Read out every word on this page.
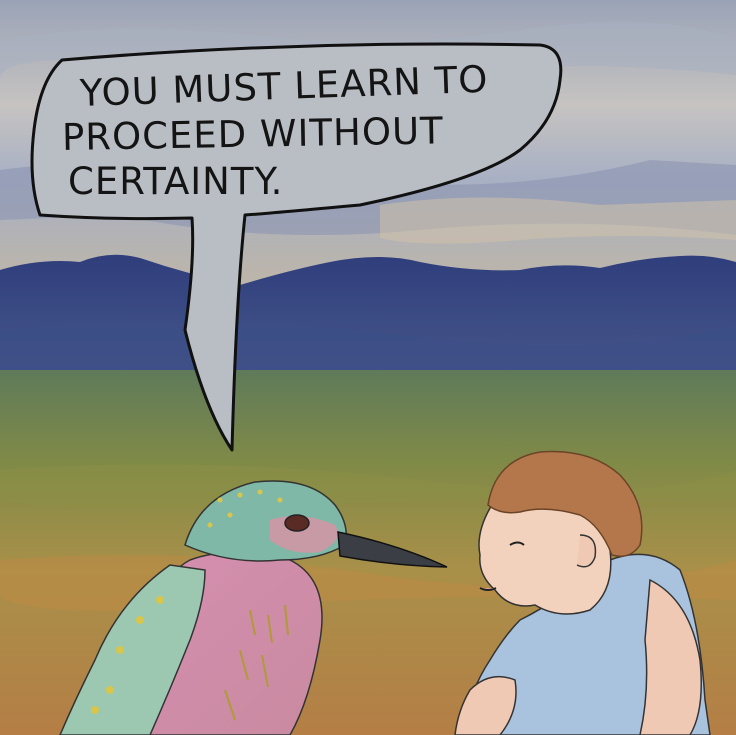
YOU MUST LEARN TO
PROCEED WITHOUT
CERTAINTY.
